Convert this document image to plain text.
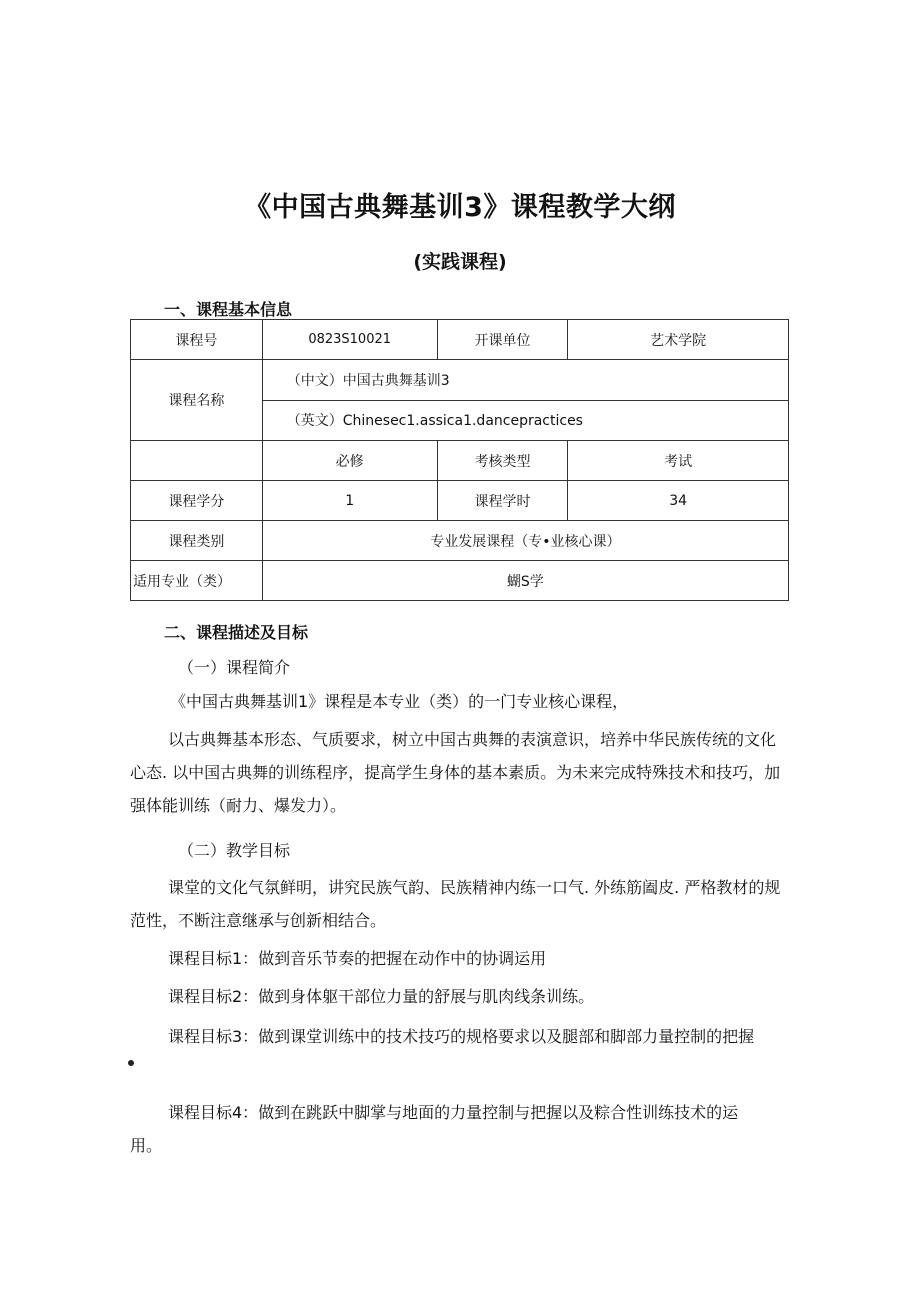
《中国古典舞基训3》课程教学大纲
(实践课程)
一、课程基本信息
课程号	0823S10021	开课单位	艺术学院
课程名称	（中文）中国古典舞基训3		
	（英文）Chinesec1.assica1.dancepractices		
	必修	考核类型	考试
课程学分	1	课程学时	34
课程类别	专业发展课程（专•业核心课）		
适用专业（类）	蝴S学		
二、课程描述及目标
（一）课程简介
《中国古典舞基训1》课程是本专业（类）的一门专业核心课程，
以古典舞基本形态、气质要求，树立中国古典舞的表演意识，培养中华民族传统的文化心态. 以中国古典舞的训练程序，提高学生身体的基本素质。为未来完成特殊技术和技巧，加强体能训练（耐力、爆发力）。
（二）教学目标
课堂的文化气氛鲜明，讲究民族气韵、民族精神内练一口气. 外练筋阖皮. 严格教材的规范性，不断注意继承与创新相结合。
课程目标1：做到音乐节奏的把握在动作中的协调运用
课程目标2：做到身体躯干部位力量的舒展与肌肉线条训练。
课程目标3：做到课堂训练中的技术技巧的规格要求以及腿部和脚部力量控制的把握
课程目标4：做到在跳跃中脚掌与地面的力量控制与把握以及粽合性训练技术的运用。
